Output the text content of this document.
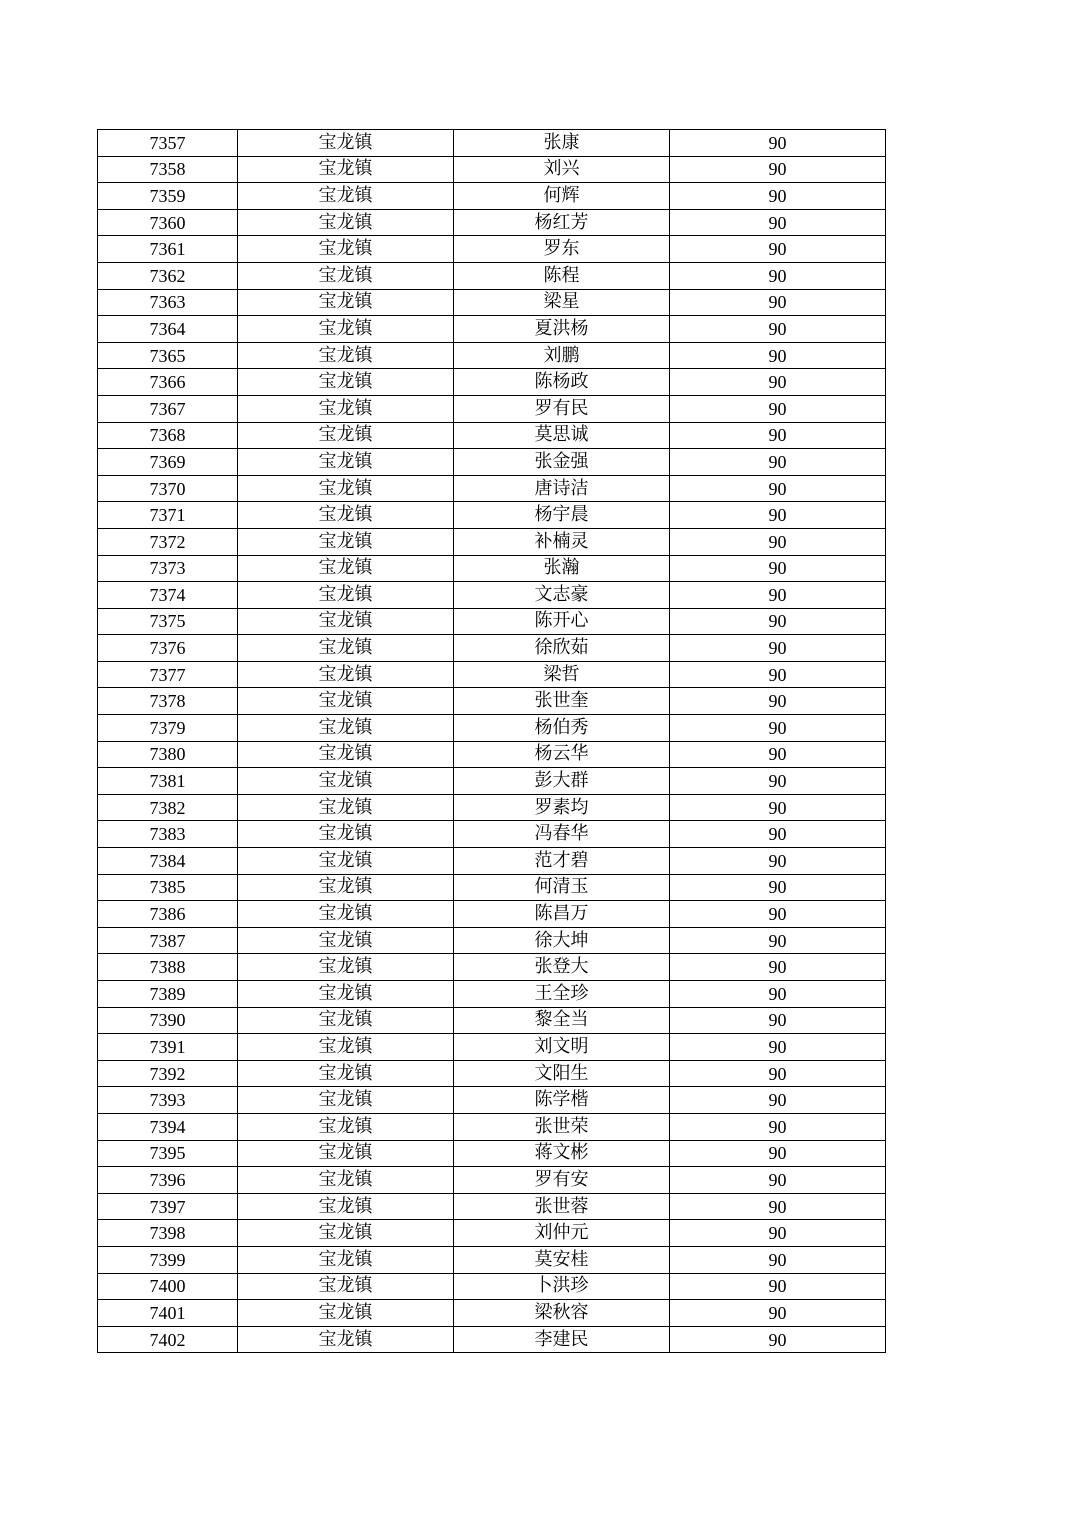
7357	宝龙镇	张康	90
7358	宝龙镇	刘兴	90
7359	宝龙镇	何辉	90
7360	宝龙镇	杨红芳	90
7361	宝龙镇	罗东	90
7362	宝龙镇	陈程	90
7363	宝龙镇	梁星	90
7364	宝龙镇	夏洪杨	90
7365	宝龙镇	刘鹏	90
7366	宝龙镇	陈杨政	90
7367	宝龙镇	罗有民	90
7368	宝龙镇	莫思诚	90
7369	宝龙镇	张金强	90
7370	宝龙镇	唐诗洁	90
7371	宝龙镇	杨宇晨	90
7372	宝龙镇	补楠灵	90
7373	宝龙镇	张瀚	90
7374	宝龙镇	文志豪	90
7375	宝龙镇	陈开心	90
7376	宝龙镇	徐欣茹	90
7377	宝龙镇	梁哲	90
7378	宝龙镇	张世奎	90
7379	宝龙镇	杨伯秀	90
7380	宝龙镇	杨云华	90
7381	宝龙镇	彭大群	90
7382	宝龙镇	罗素均	90
7383	宝龙镇	冯春华	90
7384	宝龙镇	范才碧	90
7385	宝龙镇	何清玉	90
7386	宝龙镇	陈昌万	90
7387	宝龙镇	徐大坤	90
7388	宝龙镇	张登大	90
7389	宝龙镇	王全珍	90
7390	宝龙镇	黎全当	90
7391	宝龙镇	刘文明	90
7392	宝龙镇	文阳生	90
7393	宝龙镇	陈学楷	90
7394	宝龙镇	张世荣	90
7395	宝龙镇	蒋文彬	90
7396	宝龙镇	罗有安	90
7397	宝龙镇	张世蓉	90
7398	宝龙镇	刘仲元	90
7399	宝龙镇	莫安桂	90
7400	宝龙镇	卜洪珍	90
7401	宝龙镇	梁秋容	90
7402	宝龙镇	李建民	90
